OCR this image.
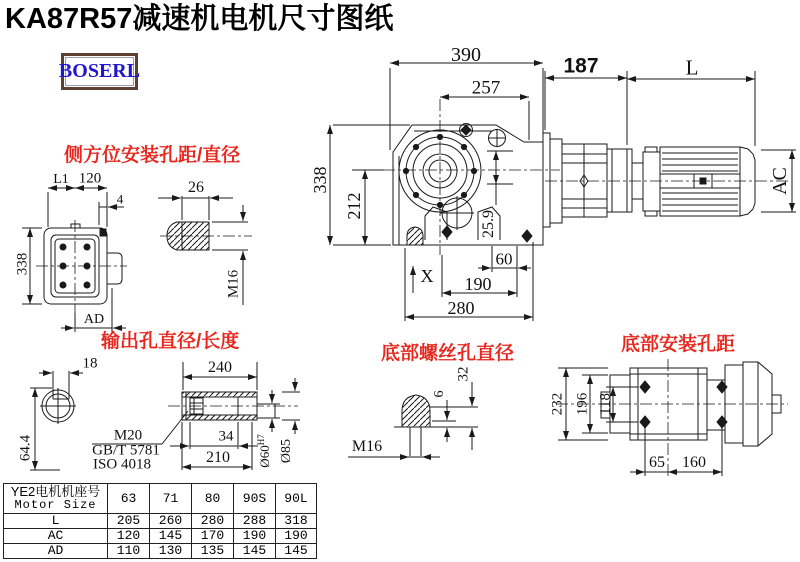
KA87R57减速机电机尺寸图纸
BOSERL
侧方位安装孔距/直径
输出孔直径/长度
底部螺丝孔直径	底部安装孔距
390
257
187	L
AC
338
212
25.9
60
190
280
X
L1 120
4
338
AD
26
M16
18
64.4
240
34
210 $Ø60^{H7}$ Ø85
M20
GB/T 5781
ISO 4018
32
6
M16
232 196 118
65 160
YE2电机机座号
Motor Size	63	71	80	90S	90L
L	205	260	280	288	318
AC	120	145	170	190	190
AD	110	130	135	145	145
